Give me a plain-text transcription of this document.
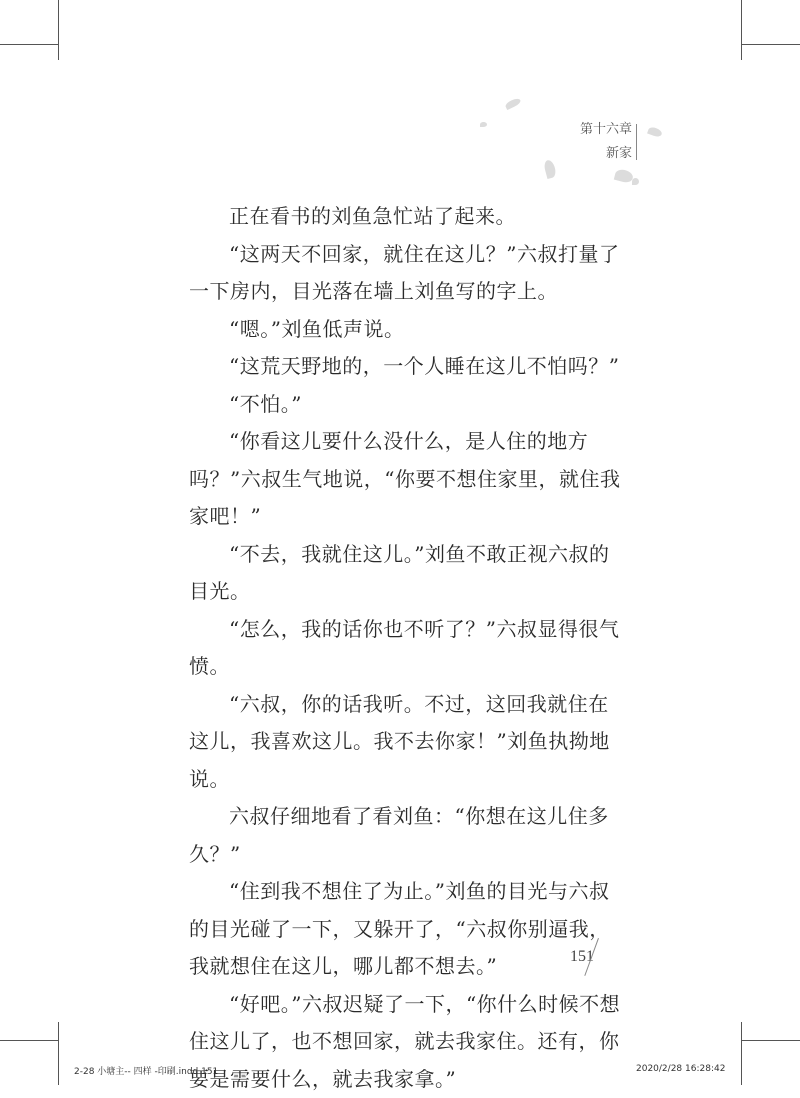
第十六章
新家

正在看书的刘鱼急忙站了起来。

“这两天不回家，就住在这儿？”六叔打量了一下房内，目光落在墙上刘鱼写的字上。

“嗯。”刘鱼低声说。

“这荒天野地的，一个人睡在这儿不怕吗？”

“不怕。”

“你看这儿要什么没什么，是人住的地方吗？”六叔生气地说，“你要不想住家里，就住我家吧！”

“不去，我就住这儿。”刘鱼不敢正视六叔的目光。

“怎么，我的话你也不听了？”六叔显得很气愤。

“六叔，你的话我听。不过，这回我就住在这儿，我喜欢这儿。我不去你家！”刘鱼执拗地说。

六叔仔细地看了看刘鱼：“你想在这儿住多久？”

“住到我不想住了为止。”刘鱼的目光与六叔的目光碰了一下，又躲开了，“六叔你别逼我，我就想住在这儿，哪儿都不想去。”

“好吧。”六叔迟疑了一下，“你什么时候不想住这儿了，也不想回家，就去我家住。还有，你要是需要什么，就去我家拿。”

151
2-28 小塘主-- 四样 -印刷.indd 151	2020/2/28 16:28:42
